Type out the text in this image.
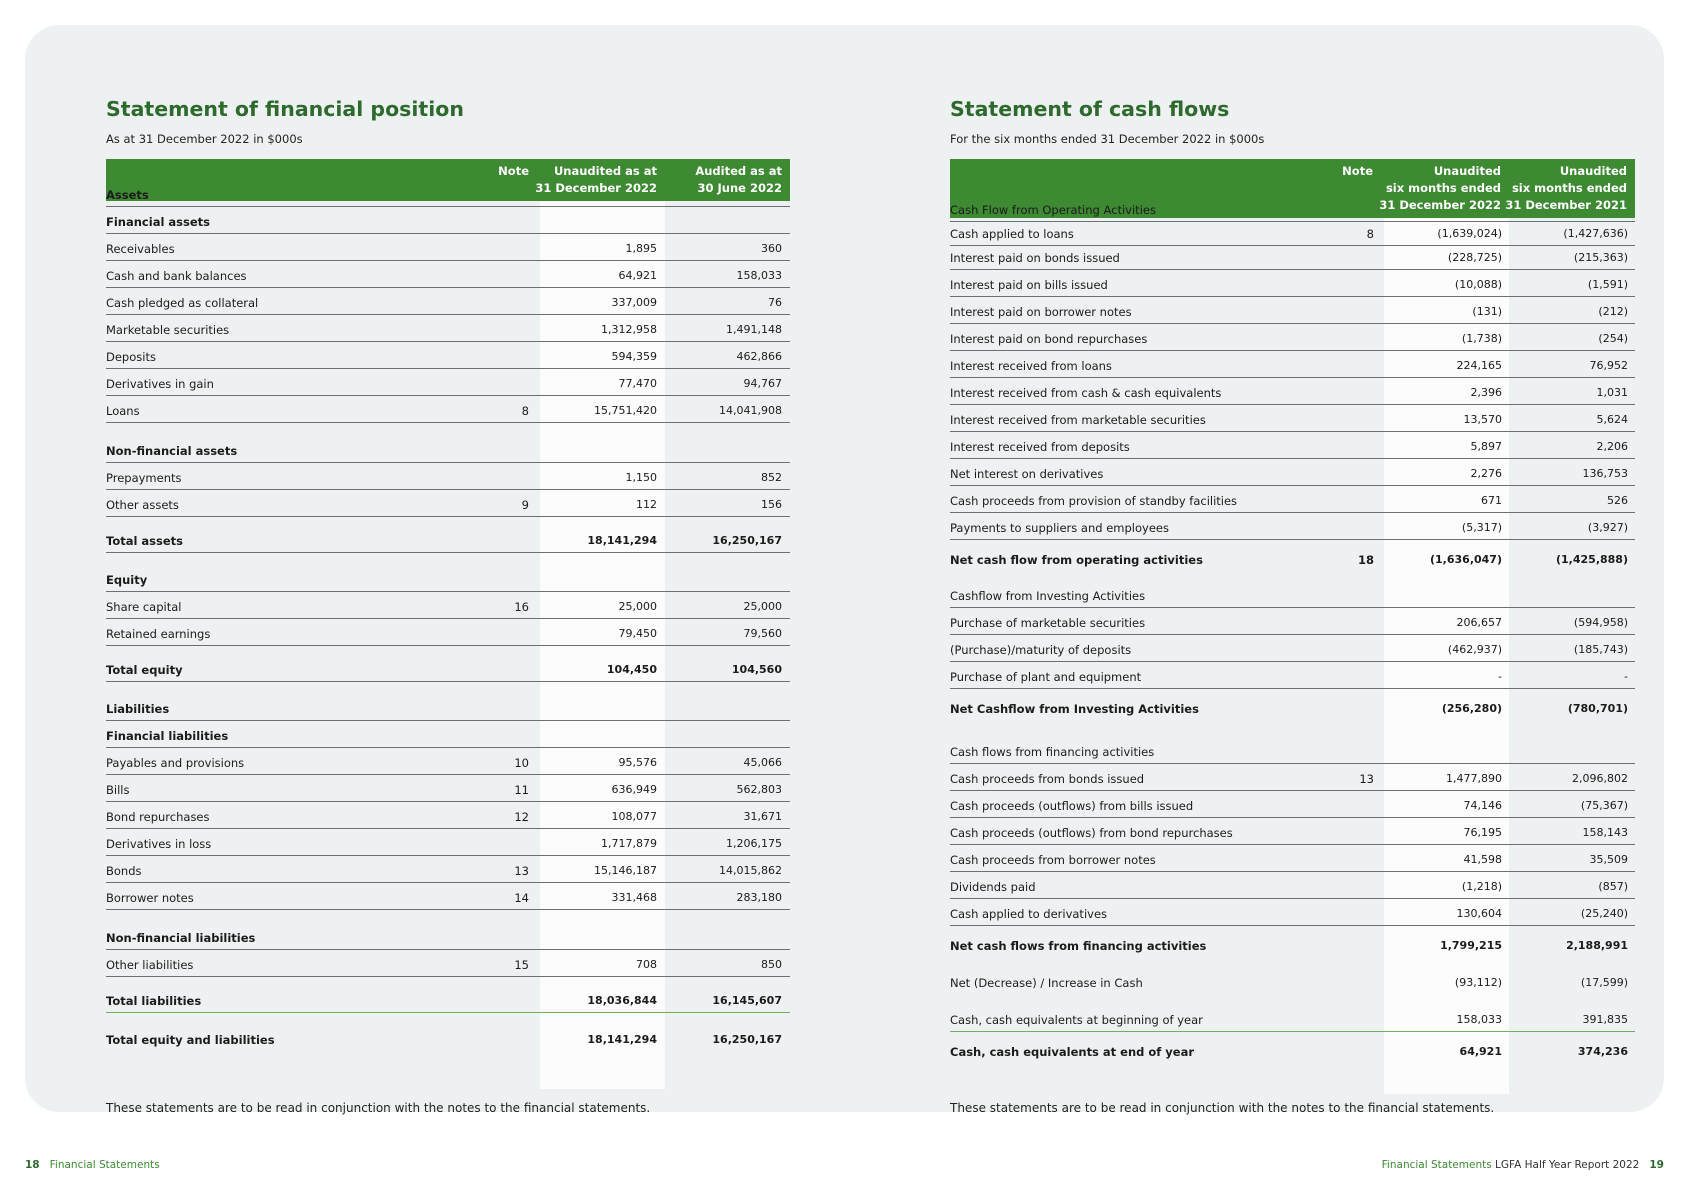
Statement of financial position
As at 31 December 2022 in $000s
Note	Unaudited as at
31 December 2022
Audited as at
30 June 2022
Assets
Financial assets
Receivables	1,895	360
Cash and bank balances	64,921	158,033
Cash pledged as collateral	337,009	76
Marketable securities	1,312,958	1,491,148
Deposits	594,359	462,866
Derivatives in gain	77,470	94,767
Loans	8	15,751,420	14,041,908
Non-financial assets
Prepayments	1,150	852
Other assets	9	112	156
Total assets	18,141,294	16,250,167
Equity
Share capital	16	25,000	25,000
Retained earnings	79,450	79,560
Total equity	104,450	104,560
Liabilities
Financial liabilities
Payables and provisions	10	95,576	45,066
Bills	11	636,949	562,803
Bond repurchases	12	108,077	31,671
Derivatives in loss	1,717,879	1,206,175
Bonds	13	15,146,187	14,015,862
Borrower notes	14	331,468	283,180
Non-financial liabilities
Other liabilities	15	708	850
Total liabilities	18,036,844	16,145,607
Total equity and liabilities	18,141,294	16,250,167
These statements are to be read in conjunction with the notes to the financial statements.
Statement of cash flows
For the six months ended 31 December 2022 in $000s
Note	Unaudited
six months ended
31 December 2022
Unaudited
six months ended
31 December 2021
Cash Flow from Operating Activities
Cash applied to loans	8	(1,639,024)	(1,427,636)
Interest paid on bonds issued	(228,725)	(215,363)
Interest paid on bills issued	(10,088)	(1,591)
Interest paid on borrower notes	(131)	(212)
Interest paid on bond repurchases	(1,738)	(254)
Interest received from loans	224,165	76,952
Interest received from cash & cash equivalents	2,396	1,031
Interest received from marketable securities	13,570	5,624
Interest received from deposits	5,897	2,206
Net interest on derivatives	2,276	136,753
Cash proceeds from provision of standby facilities	671	526
Payments to suppliers and employees	(5,317)	(3,927)
Net cash flow from operating activities	18	(1,636,047)	(1,425,888)
Cashflow from Investing Activities
Purchase of marketable securities	206,657	(594,958)
(Purchase)/maturity of deposits	(462,937)	(185,743)
Purchase of plant and equipment	-	-
Net Cashflow from Investing Activities	(256,280)	(780,701)
Cash flows from financing activities
Cash proceeds from bonds issued	13	1,477,890	2,096,802
Cash proceeds (outflows) from bills issued	74,146	(75,367)
Cash proceeds (outflows) from bond repurchases	76,195	158,143
Cash proceeds from borrower notes	41,598	35,509
Dividends paid	(1,218)	(857)
Cash applied to derivatives	130,604	(25,240)
Net cash flows from financing activities	1,799,215	2,188,991
Net (Decrease) / Increase in Cash	(93,112)	(17,599)
Cash, cash equivalents at beginning of year	158,033	391,835
Cash, cash equivalents at end of year	64,921	374,236
These statements are to be read in conjunction with the notes to the financial statements.
18 Financial Statements	Financial Statements LGFA Half Year Report 2022 19
